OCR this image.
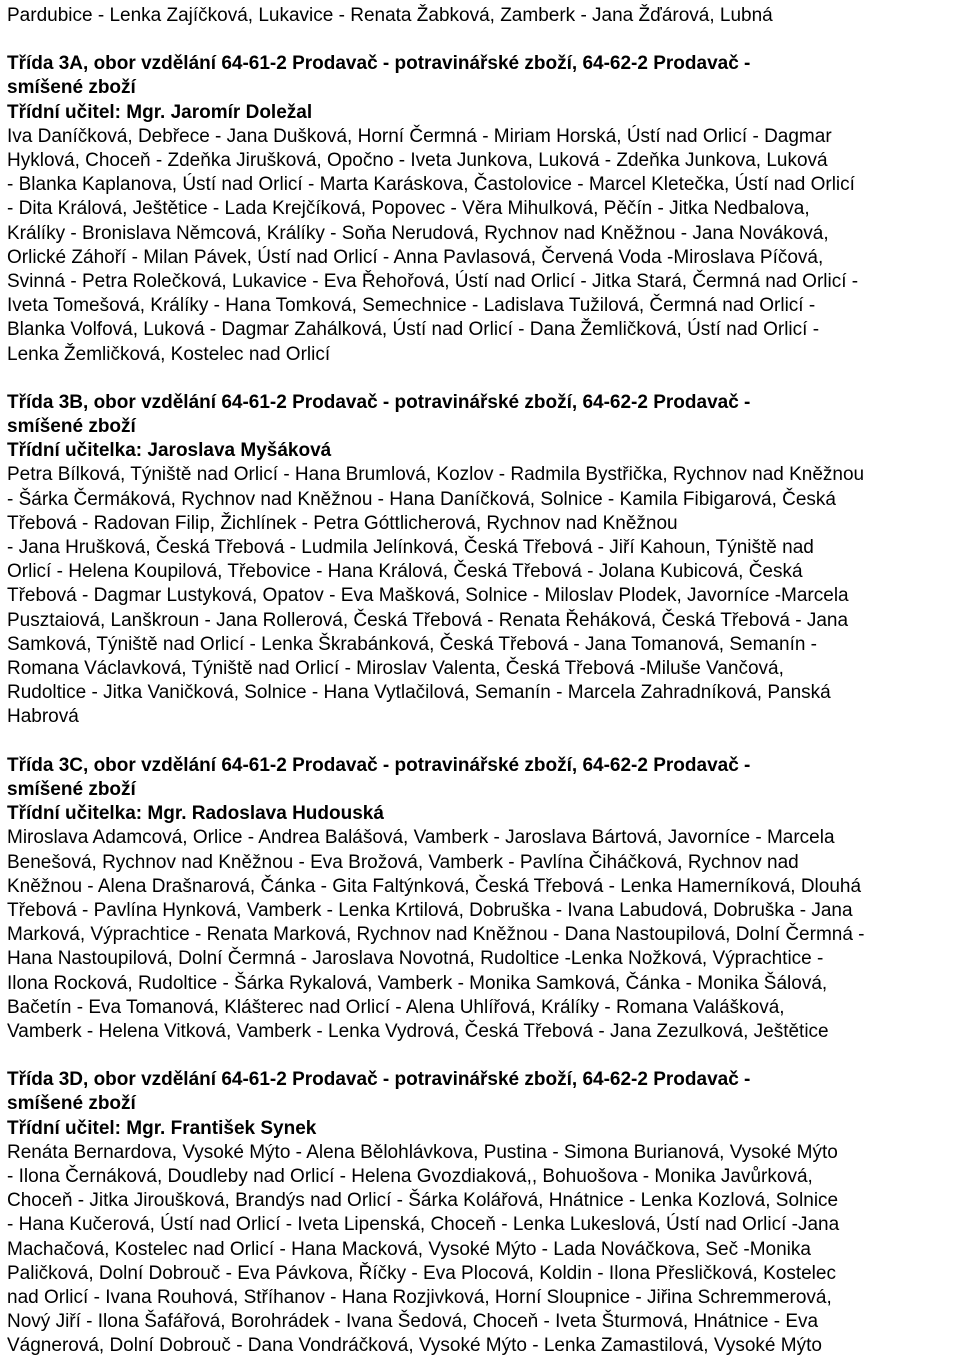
Pardubice - Lenka Zajíčková, Lukavice - Renata Žabková, Zamberk - Jana Žďárová, Lubná
Třída 3A, obor vzdělání 64-61-2 Prodavač - potravinářské zboží, 64-62-2 Prodavač -
smíšené zboží
Třídní učitel: Mgr. Jaromír Doležal
Iva Daníčková, Debřece - Jana Dušková, Horní Čermná - Miriam Horská, Ústí nad Orlicí - Dagmar
Hyklová, Choceň - Zdeňka Jirušková, Opočno - Iveta Junkova, Luková - Zdeňka Junkova, Luková
- Blanka Kaplanova, Ústí nad Orlicí - Marta Karáskova, Častolovice - Marcel Kletečka, Ústí nad Orlicí
- Dita Králová, Ještětice - Lada Krejčíková, Popovec - Věra Mihulková, Pěčín - Jitka Nedbalova,
Králíky - Bronislava Němcová, Králíky - Soňa Nerudová, Rychnov nad Kněžnou - Jana Nováková,
Orlické Záhoří - Milan Pávek, Ústí nad Orlicí - Anna Pavlasová, Červená Voda -Miroslava Píčová,
Svinná - Petra Rolečková, Lukavice - Eva Řehořová, Ústí nad Orlicí - Jitka Stará, Čermná nad Orlicí -
Iveta Tomešová, Králíky - Hana Tomková, Semechnice - Ladislava Tužilová, Čermná nad Orlicí -
Blanka Volfová, Luková - Dagmar Zahálková, Ústí nad Orlicí - Dana Žemličková, Ústí nad Orlicí -
Lenka Žemličková, Kostelec nad Orlicí
Třída 3B, obor vzdělání 64-61-2 Prodavač - potravinářské zboží, 64-62-2 Prodavač -
smíšené zboží
Třídní učitelka: Jaroslava Myšáková
Petra Bílková, Týniště nad Orlicí - Hana Brumlová, Kozlov - Radmila Bystřička, Rychnov nad Kněžnou
- Šárka Čermáková, Rychnov nad Kněžnou - Hana Daníčková, Solnice - Kamila Fibigarová, Česká
Třebová - Radovan Filip, Žichlínek - Petra Góttlicherová, Rychnov nad Kněžnou
- Jana Hrušková, Česká Třebová - Ludmila Jelínková, Česká Třebová - Jiří Kahoun, Týniště nad
Orlicí - Helena Koupilová, Třebovice - Hana Králová, Česká Třebová - Jolana Kubicová, Česká
Třebová - Dagmar Lustyková, Opatov - Eva Mašková, Solnice - Miloslav Plodek, Javorníce -Marcela
Pusztaiová, Lanškroun - Jana Rollerová, Česká Třebová - Renata Řeháková, Česká Třebová - Jana
Samková, Týniště nad Orlicí - Lenka Škrabánková, Česká Třebová - Jana Tomanová, Semanín -
Romana Václavková, Týniště nad Orlicí - Miroslav Valenta, Česká Třebová -Miluše Vančová,
Rudoltice - Jitka Vaničková, Solnice - Hana Vytlačilová, Semanín - Marcela Zahradníková, Panská
Habrová
Třída 3C, obor vzdělání 64-61-2 Prodavač - potravinářské zboží, 64-62-2 Prodavač -
smíšené zboží
Třídní učitelka: Mgr. Radoslava Hudouská
Miroslava Adamcová, Orlice - Andrea Balášová, Vamberk - Jaroslava Bártová, Javorníce - Marcela
Benešová, Rychnov nad Kněžnou - Eva Brožová, Vamberk - Pavlína Čiháčková, Rychnov nad
Kněžnou - Alena Drašnarová, Čánka - Gita Faltýnková, Česká Třebová - Lenka Hamerníková, Dlouhá
Třebová - Pavlína Hynková, Vamberk - Lenka Krtilová, Dobruška - Ivana Labudová, Dobruška - Jana
Marková, Výprachtice - Renata Marková, Rychnov nad Kněžnou - Dana Nastoupilová, Dolní Čermná -
Hana Nastoupilová, Dolní Čermná - Jaroslava Novotná, Rudoltice -Lenka Nožková, Výprachtice -
Ilona Rocková, Rudoltice - Šárka Rykalová, Vamberk - Monika Samková, Čánka - Monika Šálová,
Bačetín - Eva Tomanová, Klášterec nad Orlicí - Alena Uhlířová, Králíky - Romana Valášková,
Vamberk - Helena Vitková, Vamberk - Lenka Vydrová, Česká Třebová - Jana Zezulková, Ještětice
Třída 3D, obor vzdělání 64-61-2 Prodavač - potravinářské zboží, 64-62-2 Prodavač -
smíšené zboží
Třídní učitel: Mgr. František Synek
Renáta Bernardova, Vysoké Mýto - Alena Bělohlávkova, Pustina - Simona Burianová, Vysoké Mýto
- Ilona Černáková, Doudleby nad Orlicí - Helena Gvozdiaková,, Bohuošova - Monika Javůrková,
Choceň - Jitka Jiroušková, Brandýs nad Orlicí - Šárka Kolářová, Hnátnice - Lenka Kozlová, Solnice
- Hana Kučerová, Ústí nad Orlicí - Iveta Lipenská, Choceň - Lenka Lukeslová, Ústí nad Orlicí -Jana
Machačová, Kostelec nad Orlicí - Hana Macková, Vysoké Mýto - Lada Nováčkova, Seč -Monika
Paličková, Dolní Dobrouč - Eva Pávkova, Říčky - Eva Plocová, Koldin - Ilona Přesličková, Kostelec
nad Orlicí - Ivana Rouhová, Stříhanov - Hana Rozjivková, Horní Sloupnice - Jiřina Schremmerová,
Nový Jiří - Ilona Šafářová, Borohrádek - Ivana Šedová, Choceň - Iveta Šturmová, Hnátnice - Eva
Vágnerová, Dolní Dobrouč - Dana Vondráčková, Vysoké Mýto - Lenka Zamastilová, Vysoké Mýto
